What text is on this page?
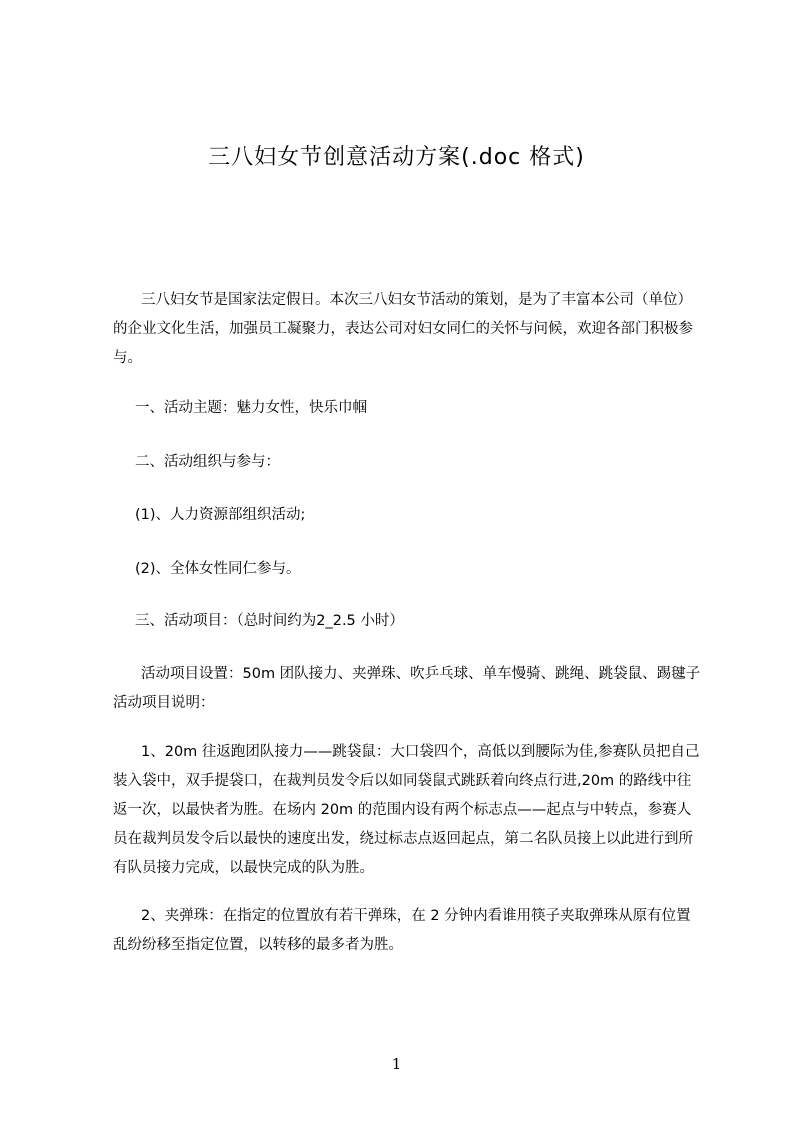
三八妇女节创意活动方案(.doc 格式)

三八妇女节是国家法定假日。本次三八妇女节活动的策划，是为了丰富本公司（单位）的企业文化生活，加强员工凝聚力，表达公司对妇女同仁的关怀与问候，欢迎各部门积极参与。

一、活动主题：魅力女性，快乐巾帼
二、活动组织与参与：
(1)、人力资源部组织活动;
(2)、全体女性同仁参与。
三、活动项目：（总时间约为2_2.5 小时）

活动项目设置：50m 团队接力、夹弹珠、吹乒乓球、单车慢骑、跳绳、跳袋鼠、踢毽子活动项目说明：

1、20m 往返跑团队接力——跳袋鼠：大口袋四个，高低以到腰际为佳,参赛队员把自己装入袋中，双手提袋口，在裁判员发令后以如同袋鼠式跳跃着向终点行进,20m 的路线中往返一次，以最快者为胜。在场内 20m 的范围内设有两个标志点——起点与中转点，参赛人员在裁判员发令后以最快的速度出发，绕过标志点返回起点，第二名队员接上以此进行到所有队员接力完成，以最快完成的队为胜。

2、夹弹珠：在指定的位置放有若干弹珠，在 2 分钟内看谁用筷子夹取弹珠从原有位置乱纷纷移至指定位置，以转移的最多者为胜。

1
